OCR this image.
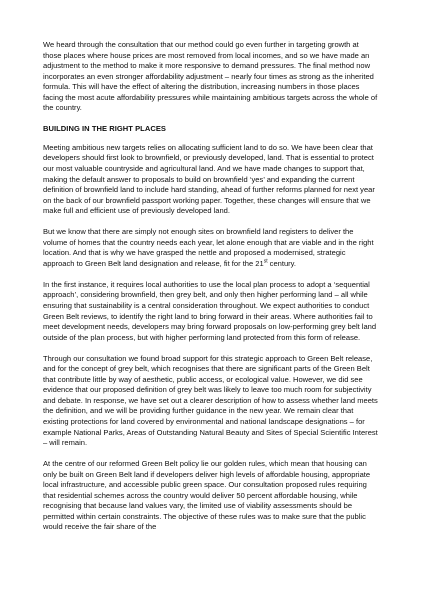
We heard through the consultation that our method could go even further in targeting growth at those places where house prices are most removed from local incomes, and so we have made an adjustment to the method to make it more responsive to demand pressures. The final method now incorporates an even stronger affordability adjustment – nearly four times as strong as the inherited formula. This will have the effect of altering the distribution, increasing numbers in those places facing the most acute affordability pressures while maintaining ambitious targets across the whole of the country.

BUILDING IN THE RIGHT PLACES

Meeting ambitious new targets relies on allocating sufficient land to do so. We have been clear that developers should first look to brownfield, or previously developed, land. That is essential to protect our most valuable countryside and agricultural land. And we have made changes to support that, making the default answer to proposals to build on brownfield ‘yes’ and expanding the current definition of brownfield land to include hard standing, ahead of further reforms planned for next year on the back of our brownfield passport working paper. Together, these changes will ensure that we make full and efficient use of previously developed land.

But we know that there are simply not enough sites on brownfield land registers to deliver the volume of homes that the country needs each year, let alone enough that are viable and in the right location. And that is why we have grasped the nettle and proposed a modernised, strategic approach to Green Belt land designation and release, fit for the 21st century.

In the first instance, it requires local authorities to use the local plan process to adopt a ‘sequential approach’, considering brownfield, then grey belt, and only then higher performing land – all while ensuring that sustainability is a central consideration throughout. We expect authorities to conduct Green Belt reviews, to identify the right land to bring forward in their areas. Where authorities fail to meet development needs, developers may bring forward proposals on low-performing grey belt land outside of the plan process, but with higher performing land protected from this form of release.

Through our consultation we found broad support for this strategic approach to Green Belt release, and for the concept of grey belt, which recognises that there are significant parts of the Green Belt that contribute little by way of aesthetic, public access, or ecological value. However, we did see evidence that our proposed definition of grey belt was likely to leave too much room for subjectivity and debate. In response, we have set out a clearer description of how to assess whether land meets the definition, and we will be providing further guidance in the new year. We remain clear that existing protections for land covered by environmental and national landscape designations – for example National Parks, Areas of Outstanding Natural Beauty and Sites of Special Scientific Interest – will remain.

At the centre of our reformed Green Belt policy lie our golden rules, which mean that housing can only be built on Green Belt land if developers deliver high levels of affordable housing, appropriate local infrastructure, and accessible public green space. Our consultation proposed rules requiring that residential schemes across the country would deliver 50 percent affordable housing, while recognising that because land values vary, the limited use of viability assessments should be permitted within certain constraints. The objective of these rules was to make sure that the public would receive the fair share of the
